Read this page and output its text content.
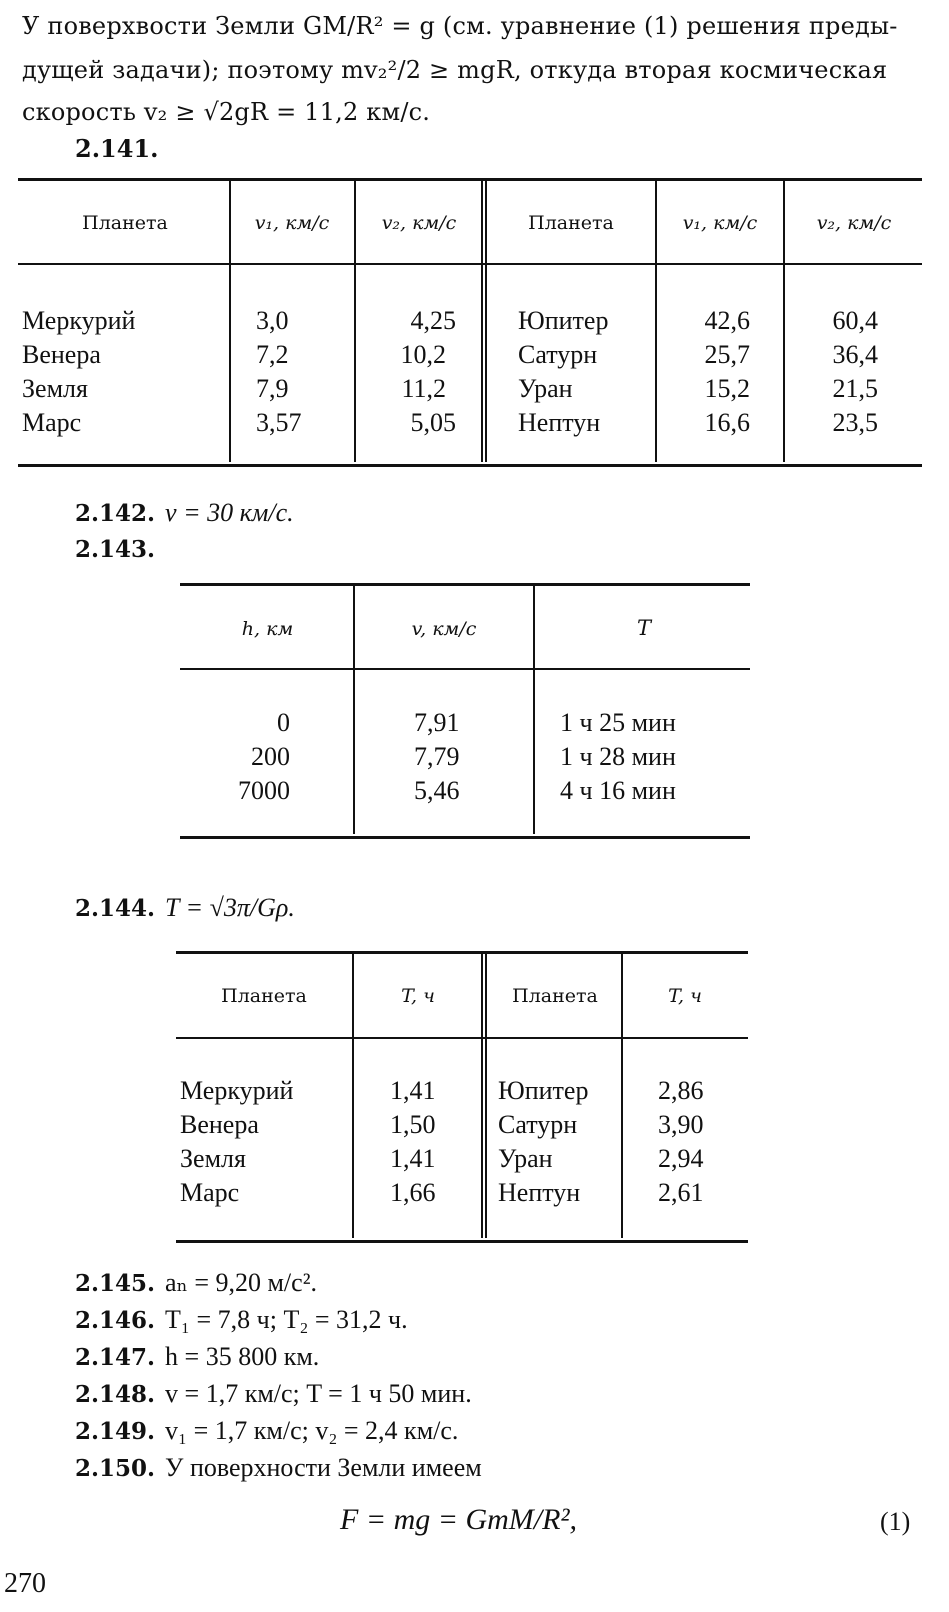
У поверхвости Земли GM/R² = g (см. уравнение (1) решения преды-
дущей задачи); поэтому mv₂²/2 ≥ mgR, откуда вторая космическая
скорость v₂ ≥ √2gR = 11,2 км/с.
2.141.
Планета	v₁, км/с	v₂, км/с	Планета	v₁, км/с	v₂, км/с
Меркурий	3,0	4,25 Юпитер	42,6	60,4
Венера	7,2	10,2	Сатурн	25,7	36,4
Земля	7,9	11,2	Уран	15,2	21,5
Марс	3,57	5,05 Нептун	16,6	23,5
2.142. v = 30 км/с.
2.143.
h, км	v, км/с	T
0	7,91	1 ч 25 мин
200	7,79	1 ч 28 мин
7000	5,46	4 ч 16 мин
2.144. T = √3π/Gρ.
Планета	T, ч	Планета	T, ч
Меркурий	1,41 Юпитер	2,86
Венера	1,50 Сатурн	3,90
Земля	1,41 Уран	2,94
Марс	1,66 Нептун	2,61
2.145. aₙ = 9,20 м/с².
2.146. T₁ = 7,8 ч; T₂ = 31,2 ч.
2.147. h = 35 800 км.
2.148. v = 1,7 км/с; T = 1 ч 50 мин.
2.149. v₁ = 1,7 км/с; v₂ = 2,4 км/с.
2.150. У поверхности Земли имеем
F = mg = GmM/R²,	(1)
270
